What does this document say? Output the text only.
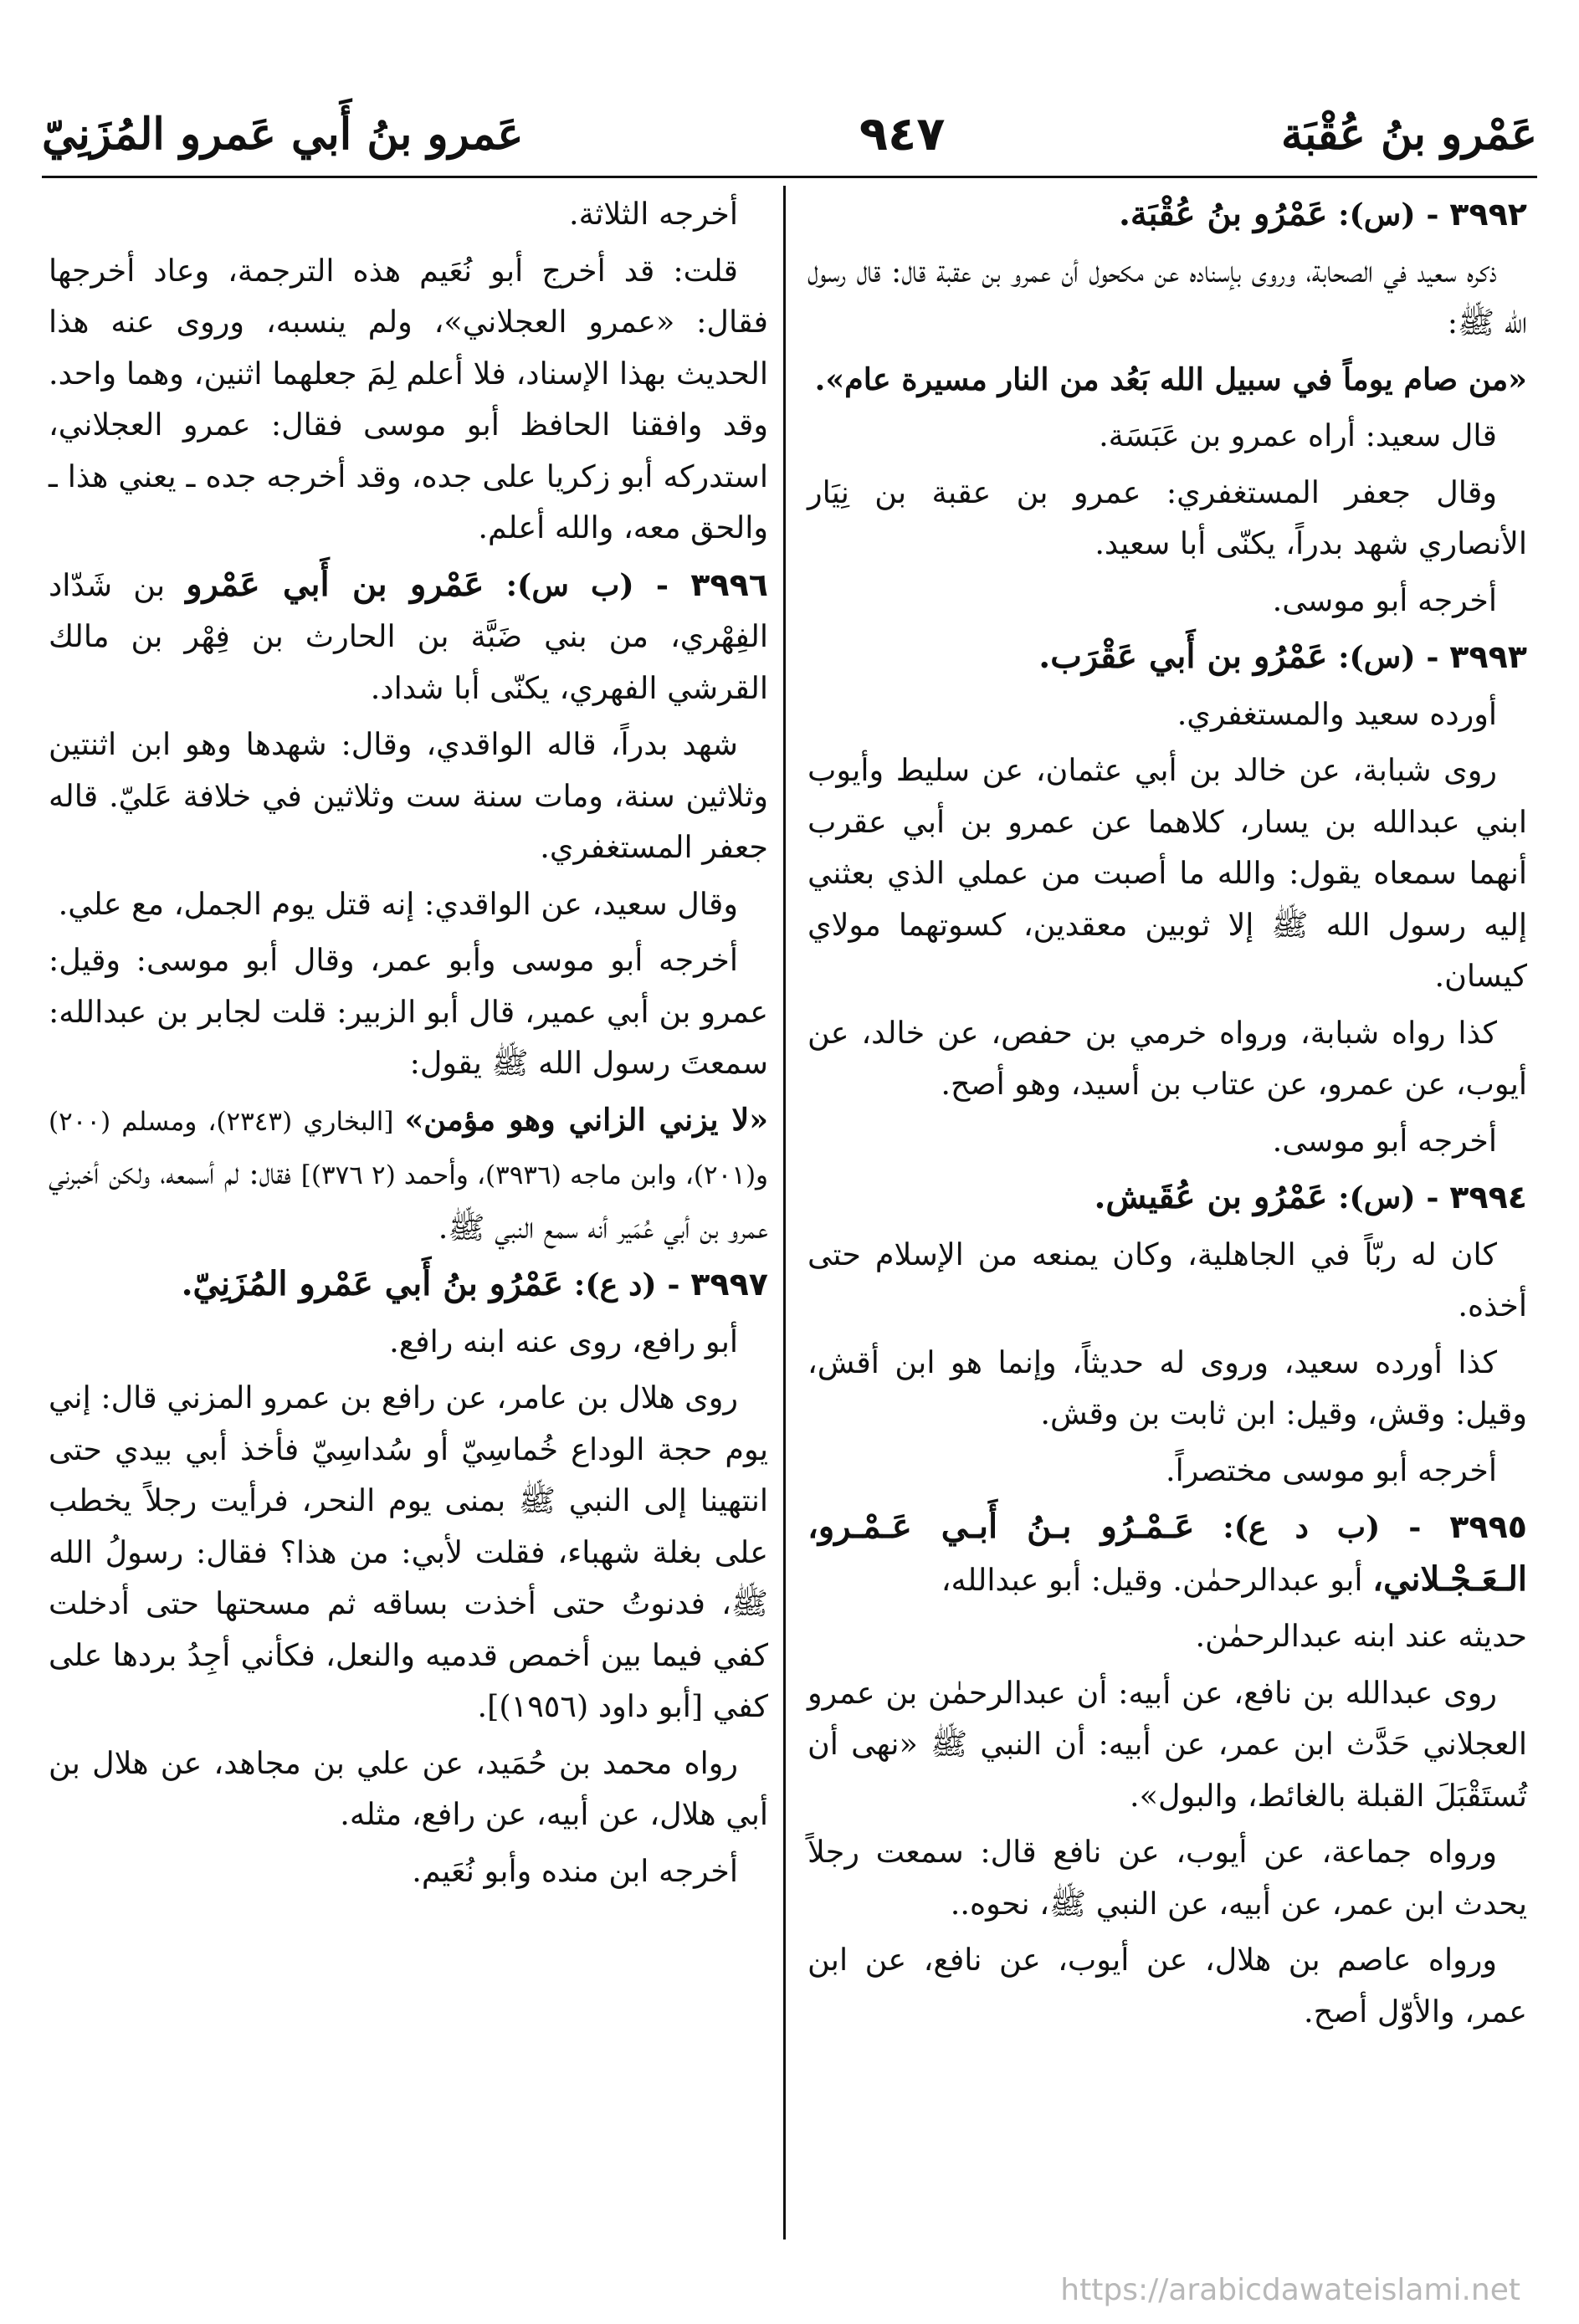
عَمْرو بنُ عُقْبَة
٩٤٧
عَمرو بنُ أَبي عَمرو المُزَنِيّ

٣٩٩٢ - (س): عَمْرُو بنُ عُقْبَة.

ذكره سعيد في الصحابة، وروى بإسناده عن مكحول أن عمرو بن عقبة قال: قال رسول الله ﷺ:

«من صام يوماً في سبيل الله بَعُد من النار مسيرة عام».

قال سعيد: أراه عمرو بن عَبَسَة.

وقال جعفر المستغفري: عمرو بن عقبة بن نِيَار الأنصاري شهد بدراً، يكنّى أبا سعيد.

أخرجه أبو موسى.

٣٩٩٣ - (س): عَمْرُو بن أَبي عَقْرَب.

أورده سعيد والمستغفري.

روى شبابة، عن خالد بن أبي عثمان، عن سليط وأيوب ابني عبدالله بن يسار، كلاهما عن عمرو بن أبي عقرب أنهما سمعاه يقول: والله ما أصبت من عملي الذي بعثني إليه رسول الله ﷺ إلا ثوبين معقدين، كسوتهما مولاي كيسان.

كذا رواه شبابة، ورواه خرمي بن حفص، عن خالد، عن أيوب، عن عمرو، عن عتاب بن أسيد، وهو أصح.

أخرجه أبو موسى.

٣٩٩٤ - (س): عَمْرُو بن عُقَيش.

كان له ربّاً في الجاهلية، وكان يمنعه من الإسلام حتى أخذه.

كذا أورده سعيد، وروى له حديثاً، وإنما هو ابن أقش، وقيل: وقش، وقيل: ابن ثابت بن وقش.

أخرجه أبو موسى مختصراً.

٣٩٩٥ - (ب د ع): عَـمْـرُو بـنُ أَبـي عَـمْـرو، الـعَـجْـلاني، أبو عبدالرحمٰن. وقيل: أبو عبدالله،

حديثه عند ابنه عبدالرحمٰن.

روى عبدالله بن نافع، عن أبيه: أن عبدالرحمٰن بن عمرو العجلاني حَدَّث ابن عمر، عن أبيه: أن النبي ﷺ «نهى أن تُستَقْبَلَ القبلة بالغائط، والبول».

ورواه جماعة، عن أيوب، عن نافع قال: سمعت رجلاً يحدث ابن عمر، عن أبيه، عن النبي ﷺ، نحوه..

ورواه عاصم بن هلال، عن أيوب، عن نافع، عن ابن عمر، والأوّل أصح.

أخرجه الثلاثة.

قلت: قد أخرج أبو نُعَيم هذه الترجمة، وعاد أخرجها فقال: «عمرو العجلاني»، ولم ينسبه، وروى عنه هذا الحديث بهذا الإسناد، فلا أعلم لِمَ جعلهما اثنين، وهما واحد. وقد وافقنا الحافظ أبو موسى فقال: عمرو العجلاني، استدركه أبو زكريا على جده، وقد أخرجه جده ـ يعني هذا ـ والحق معه، والله أعلم.

٣٩٩٦ - (ب س): عَمْرو بن أَبي عَمْرو بن شَدّاد الفِهْري، من بني ضَبَّة بن الحارث بن فِهْر بن مالك القرشي الفهري، يكنّى أبا شداد.

شهد بدراً، قاله الواقدي، وقال: شهدها وهو ابن اثنتين وثلاثين سنة، ومات سنة ست وثلاثين في خلافة عَليّ. قاله جعفر المستغفري.

وقال سعيد، عن الواقدي: إنه قتل يوم الجمل، مع علي.

أخرجه أبو موسى وأبو عمر، وقال أبو موسى: وقيل: عمرو بن أبي عمير، قال أبو الزبير: قلت لجابر بن عبدالله: سمعتَ رسول الله ﷺ يقول:

«لا يزني الزاني وهو مؤمن» [البخاري (٢٣٤٣)، ومسلم (٢٠٠) و(٢٠١)، وابن ماجه (٣٩٣٦)، وأحمد (٢ ٣٧٦)] فقال: لم أسمعه، ولكن أخبرني عمرو بن أبي عُمَير أنه سمع النبي ﷺ.

٣٩٩٧ - (د ع): عَمْرُو بنُ أَبي عَمْرو المُزَنِيّ.

أبو رافع، روى عنه ابنه رافع.

روى هلال بن عامر، عن رافع بن عمرو المزني قال: إني يوم حجة الوداع خُماسِيّ أو سُداسِيّ فأخذ أبي بيدي حتى انتهينا إلى النبي ﷺ بمنى يوم النحر، فرأيت رجلاً يخطب على بغلة شهباء، فقلت لأبي: من هذا؟ فقال: رسولُ الله ﷺ، فدنوتُ حتى أخذت بساقه ثم مسحتها حتى أدخلت كفي فيما بين أخمص قدميه والنعل، فكأني أجِدُ بردها على كفي [أبو داود (١٩٥٦)].

رواه محمد بن حُمَيد، عن علي بن مجاهد، عن هلال بن أبي هلال، عن أبيه، عن رافع، مثله.

أخرجه ابن منده وأبو نُعَيم.

https://arabicdawateislami.net
